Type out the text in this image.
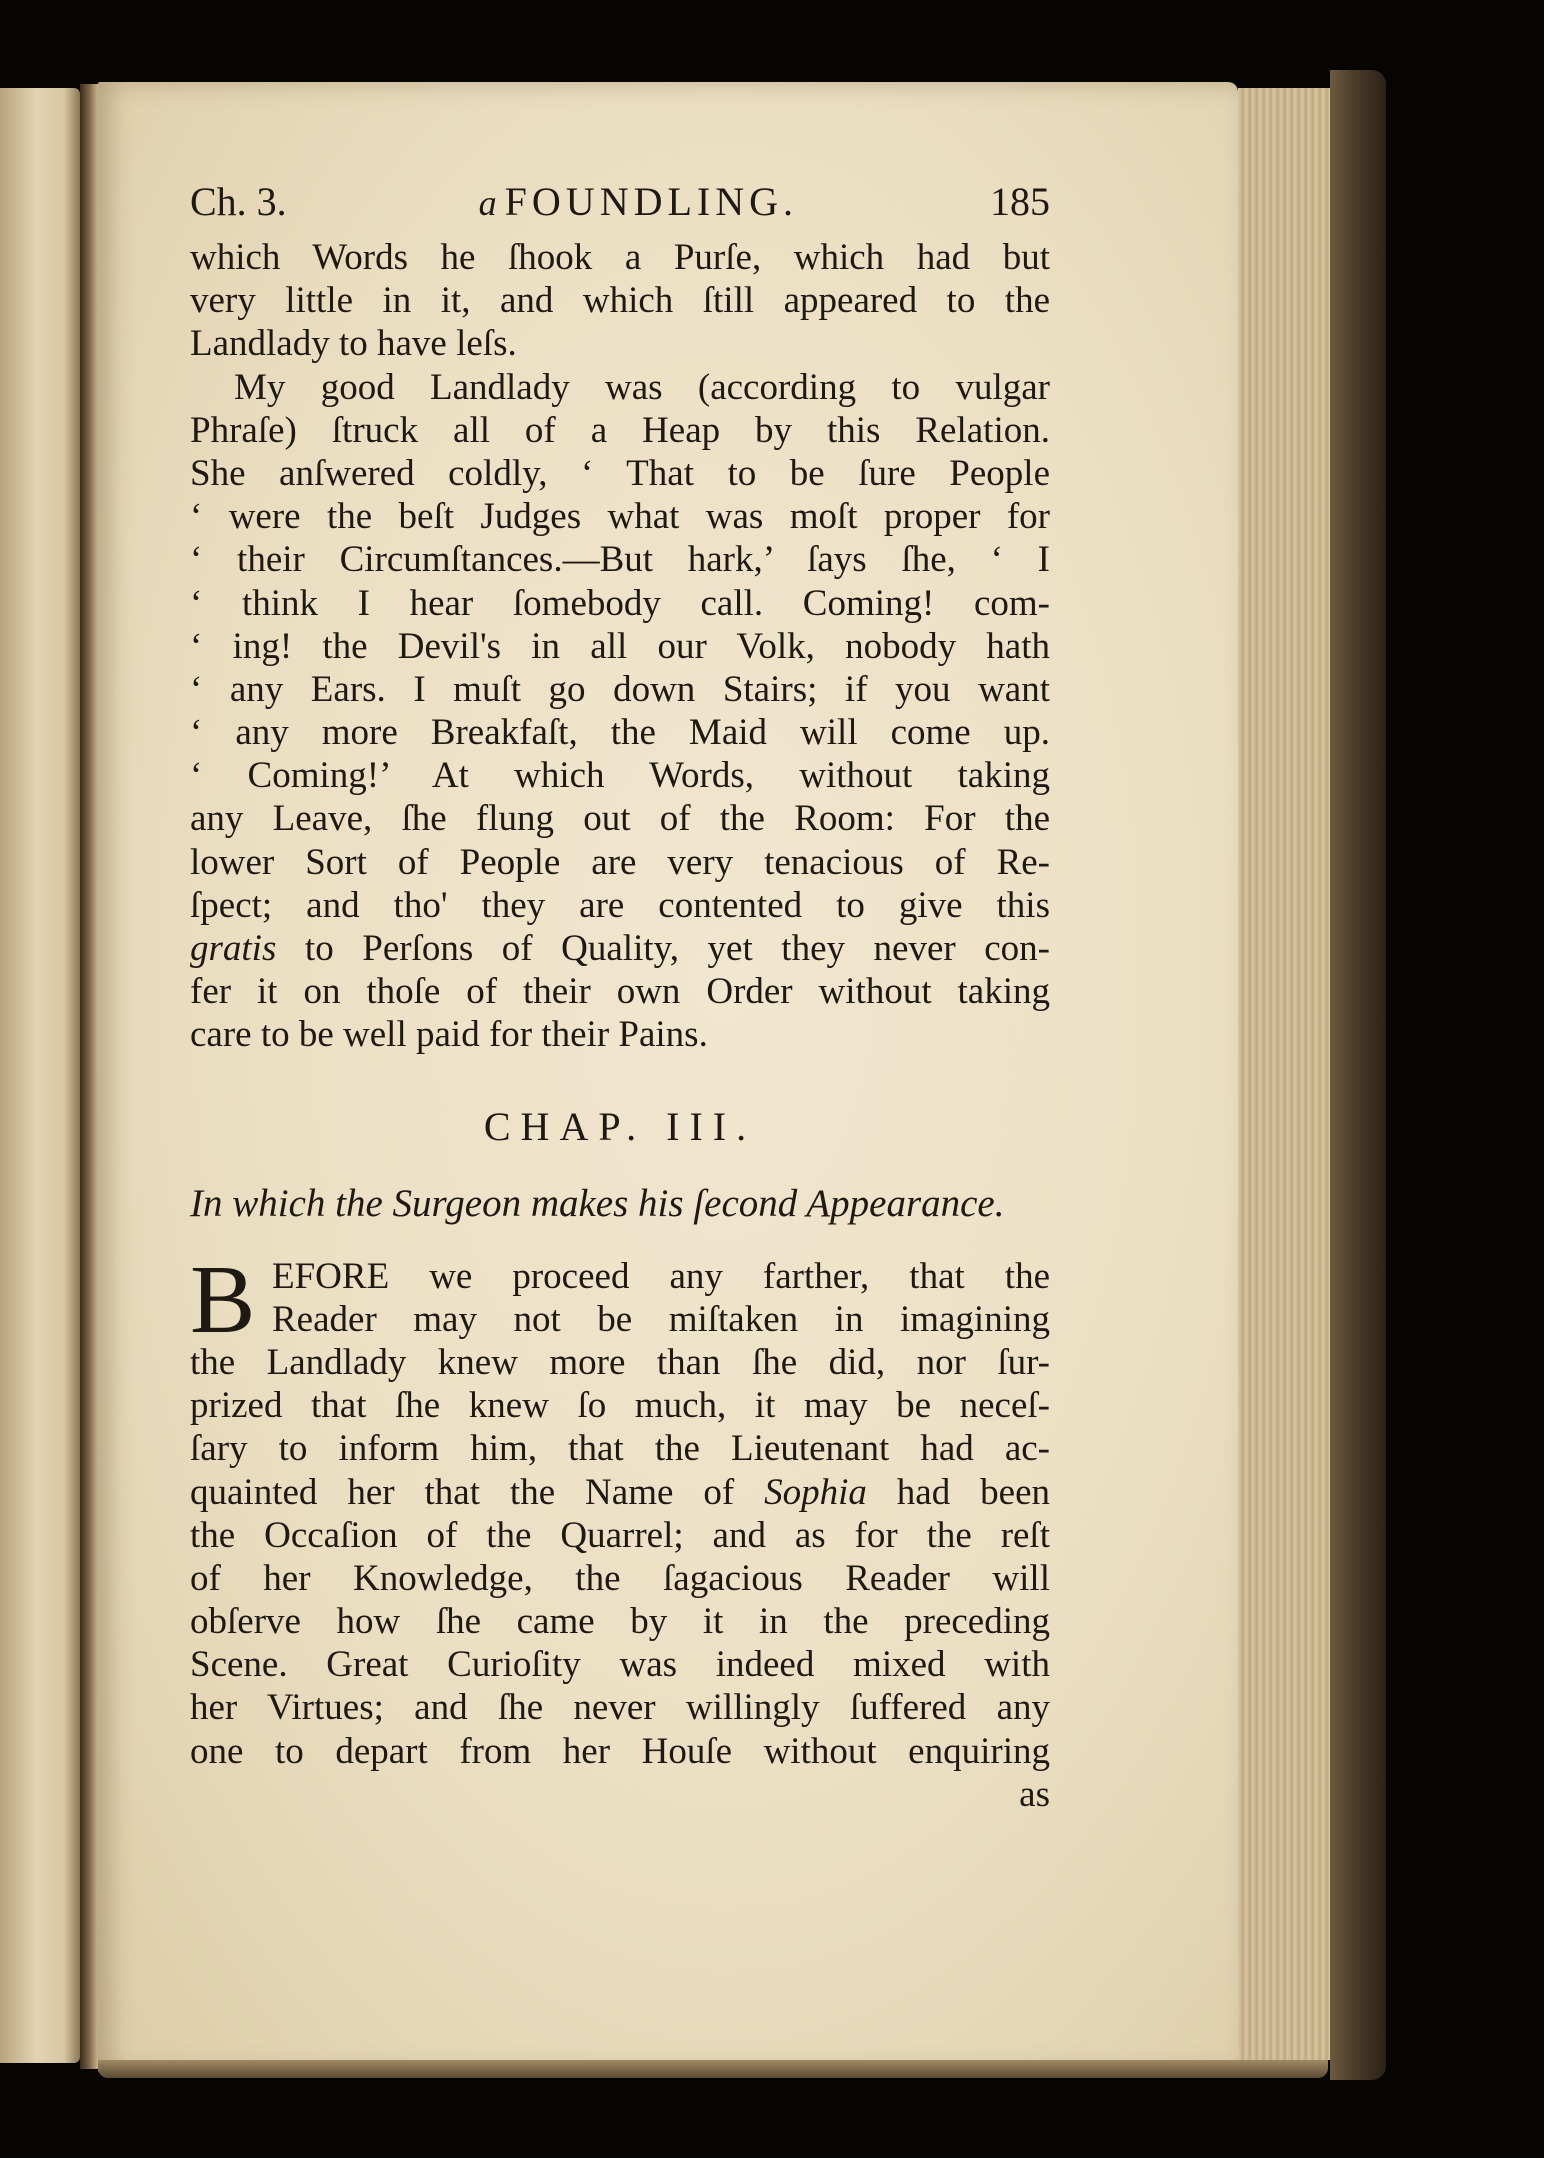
Ch. 3.	a FOUNDLING.	185
which Words he ſhook a Purſe, which had but
very little in it, and which ſtill appeared to the
Landlady to have leſs.
My good Landlady was (according to vulgar
Phraſe) ſtruck all of a Heap by this Relation.
She anſwered coldly, ‘ That to be ſure People
‘ were the beſt Judges what was moſt proper for
‘ their Circumſtances.—But hark,’ ſays ſhe, ‘ I
‘ think I hear ſomebody call. Coming! com-
‘ ing! the Devil's in all our Volk, nobody hath
‘ any Ears. I muſt go down Stairs; if you want
‘ any more Breakfaſt, the Maid will come up.
‘ Coming!’ At which Words, without taking
any Leave, ſhe flung out of the Room: For the
lower Sort of People are very tenacious of Re-
ſpect; and tho' they are contented to give this
gratis to Perſons of Quality, yet they never con-
fer it on thoſe of their own Order without taking
care to be well paid for their Pains.
CHAP. III.
In which the Surgeon makes his ſecond Appearance.
B EFORE we proceed any farther, that the
Reader may not be miſtaken in imagining
the Landlady knew more than ſhe did, nor ſur-
prized that ſhe knew ſo much, it may be neceſ-
ſary to inform him, that the Lieutenant had ac-
quainted her that the Name of Sophia had been
the Occaſion of the Quarrel; and as for the reſt
of her Knowledge, the ſagacious Reader will
obſerve how ſhe came by it in the preceding
Scene. Great Curioſity was indeed mixed with
her Virtues; and ſhe never willingly ſuffered any
one to depart from her Houſe without enquiring
as
